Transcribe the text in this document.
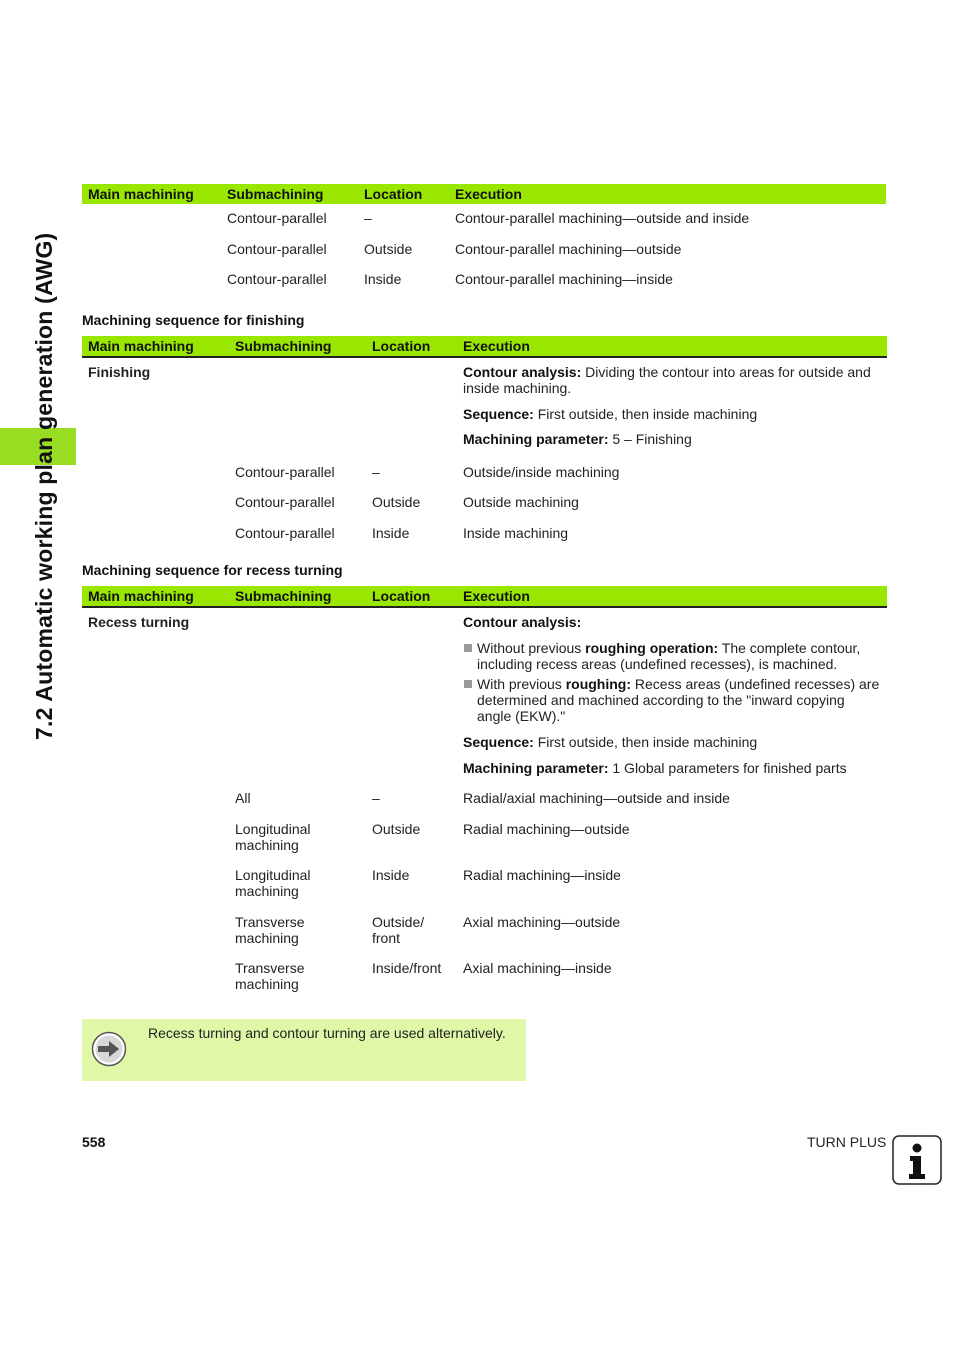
7.2 Automatic working plan generation (AWG)
Main machining	Submachining	Location	Execution
	Contour-parallel	–	Contour-parallel machining—outside and inside
	Contour-parallel	Outside	Contour-parallel machining—outside
	Contour-parallel	Inside	Contour-parallel machining—inside
Machining sequence for finishing
Main machining	Submachining	Location	Execution
Finishing			Contour analysis: Dividing the contour into areas for outside and inside machining.
Sequence: First outside, then inside machining
Machining parameter: 5 – Finishing

	Contour-parallel	–	Outside/inside machining
	Contour-parallel	Outside	Outside machining
	Contour-parallel	Inside	Inside machining
Machining sequence for recess turning
Main machining	Submachining	Location	Execution
Recess turning			Contour analysis:
Without previous roughing operation: The complete contour, including recess areas (undefined recesses), is machined.
With previous roughing: Recess areas (undefined recesses) are determined and machined according to the "inward copying angle (EKW)."
Sequence: First outside, then inside machining
Machining parameter: 1 Global parameters for finished parts

	All	–	Radial/axial machining—outside and inside
	Longitudinal machining	Outside	Radial machining—outside
	Longitudinal machining	Inside	Radial machining—inside
	Transverse machining	Outside/ front	Axial machining—outside
	Transverse machining	Inside/front	Axial machining—inside
Recess turning and contour turning are used alternatively.
558	TURN PLUS
